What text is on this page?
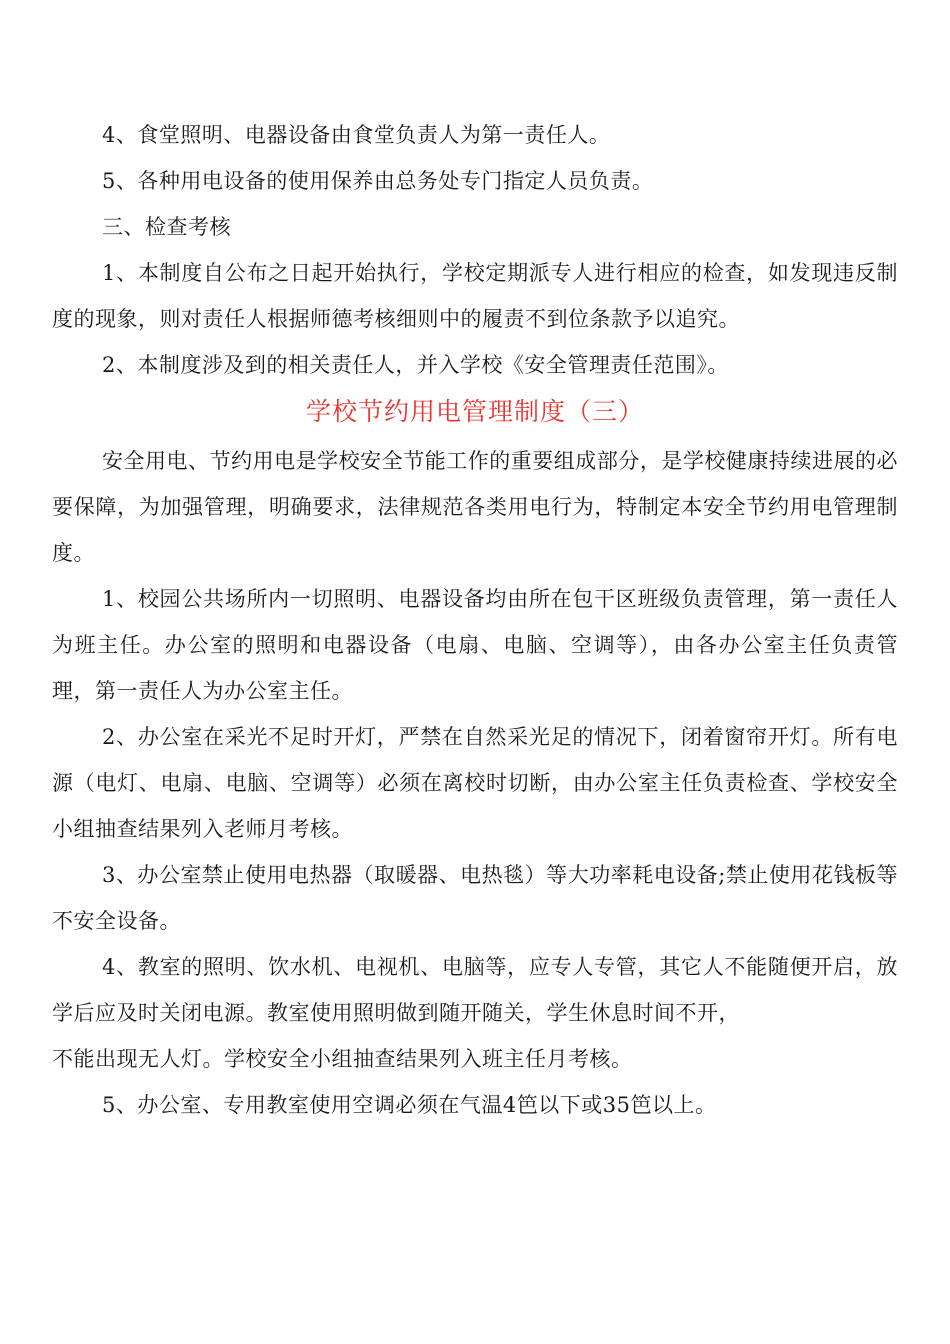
4、食堂照明、电器设备由食堂负责人为第一责任人。

5、各种用电设备的使用保养由总务处专门指定人员负责。

三、检查考核

1、本制度自公布之日起开始执行，学校定期派专人进行相应的检查，如发现违反制度的现象，则对责任人根据师德考核细则中的履责不到位条款予以追究。

2、本制度涉及到的相关责任人，并入学校《安全管理责任范围》。

学校节约用电管理制度（三）

安全用电、节约用电是学校安全节能工作的重要组成部分，是学校健康持续进展的必要保障，为加强管理，明确要求，法律规范各类用电行为，特制定本安全节约用电管理制度。

1、校园公共场所内一切照明、电器设备均由所在包干区班级负责管理，第一责任人为班主任。办公室的照明和电器设备（电扇、电脑、空调等），由各办公室主任负责管理，第一责任人为办公室主任。

2、办公室在采光不足时开灯，严禁在自然采光足的情况下，闭着窗帘开灯。所有电源（电灯、电扇、电脑、空调等）必须在离校时切断，由办公室主任负责检查、学校安全小组抽查结果列入老师月考核。

3、办公室禁止使用电热器（取暖器、电热毯）等大功率耗电设备;禁止使用花钱板等不安全设备。

4、教室的照明、饮水机、电视机、电脑等，应专人专管，其它人不能随便开启，放学后应及时关闭电源。教室使用照明做到随开随关，学生休息时间不开，

不能出现无人灯。学校安全小组抽查结果列入班主任月考核。

5、办公室、专用教室使用空调必须在气温4笆以下或35笆以上。
